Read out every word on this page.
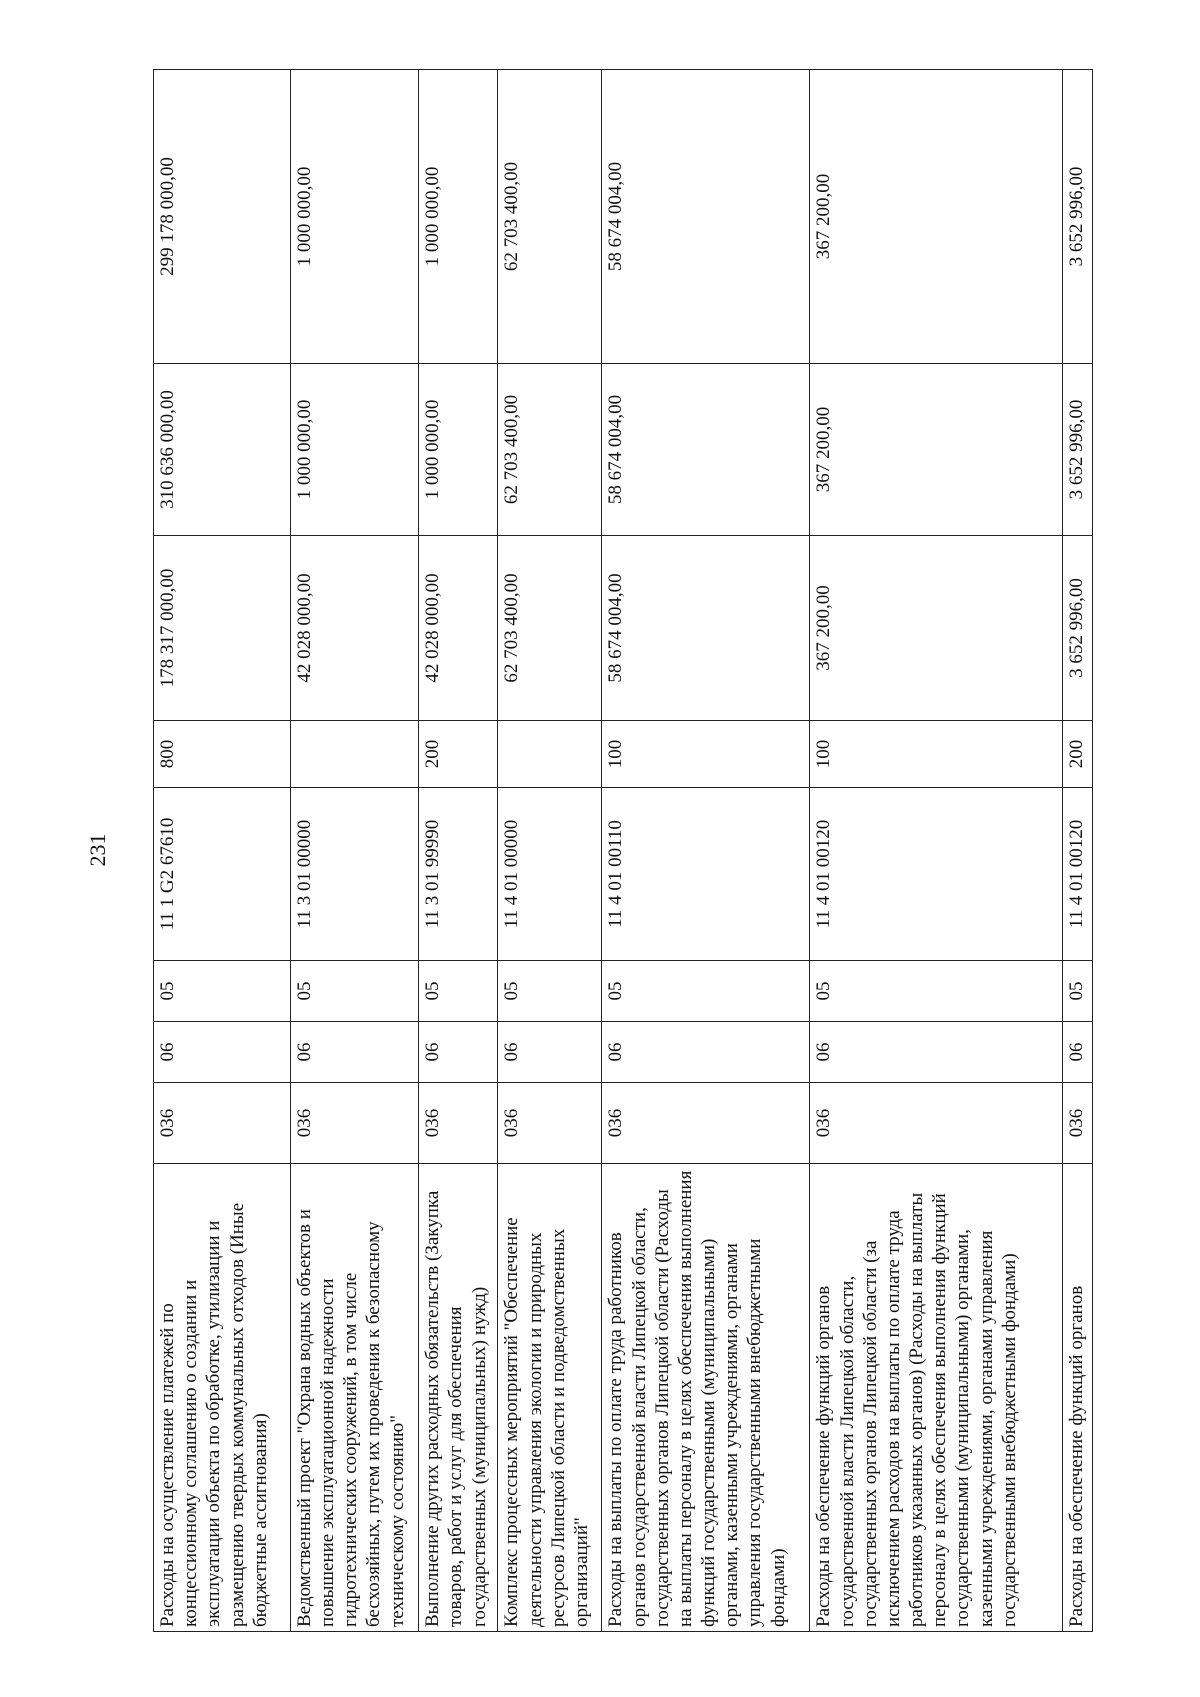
231
Расходы на осуществление платежей по концессионному соглашению о создании и эксплуатации объекта по обработке, утилизации и размещению твердых коммунальных отходов (Иные бюджетные ассигнования)	036	06	05	11 1 G2 67610	800	178 317 000,00	310 636 000,00	299 178 000,00
Ведомственный проект "Охрана водных объектов и повышение эксплуатационной надежности гидротехнических сооружений, в том числе бесхозяйных, путем их проведения к безопасному техническому состоянию"	036	06	05	11 3 01 00000		42 028 000,00	1 000 000,00	1 000 000,00
Выполнение других расходных обязательств (Закупка товаров, работ и услуг для обеспечения государственных (муниципальных) нужд)	036	06	05	11 3 01 99990	200	42 028 000,00	1 000 000,00	1 000 000,00
Комплекс процессных мероприятий "Обеспечение деятельности управления экологии и природных ресурсов Липецкой области и подведомственных организаций"	036	06	05	11 4 01 00000		62 703 400,00	62 703 400,00	62 703 400,00
Расходы на выплаты по оплате труда работников органов государственной власти Липецкой области, государственных органов Липецкой области (Расходы на выплаты персоналу в целях обеспечения выполнения функций государственными (муниципальными) органами, казенными учреждениями, органами управления государственными внебюджетными фондами)	036	06	05	11 4 01 00110	100	58 674 004,00	58 674 004,00	58 674 004,00
Расходы на обеспечение функций органов государственной власти Липецкой области, государственных органов Липецкой области (за исключением расходов на выплаты по оплате труда работников указанных органов) (Расходы на выплаты персоналу в целях обеспечения выполнения функций государственными (муниципальными) органами, казенными учреждениями, органами управления государственными внебюджетными фондами)	036	06	05	11 4 01 00120	100	367 200,00	367 200,00	367 200,00
Расходы на обеспечение функций органов	036	06	05	11 4 01 00120	200	3 652 996,00	3 652 996,00	3 652 996,00
